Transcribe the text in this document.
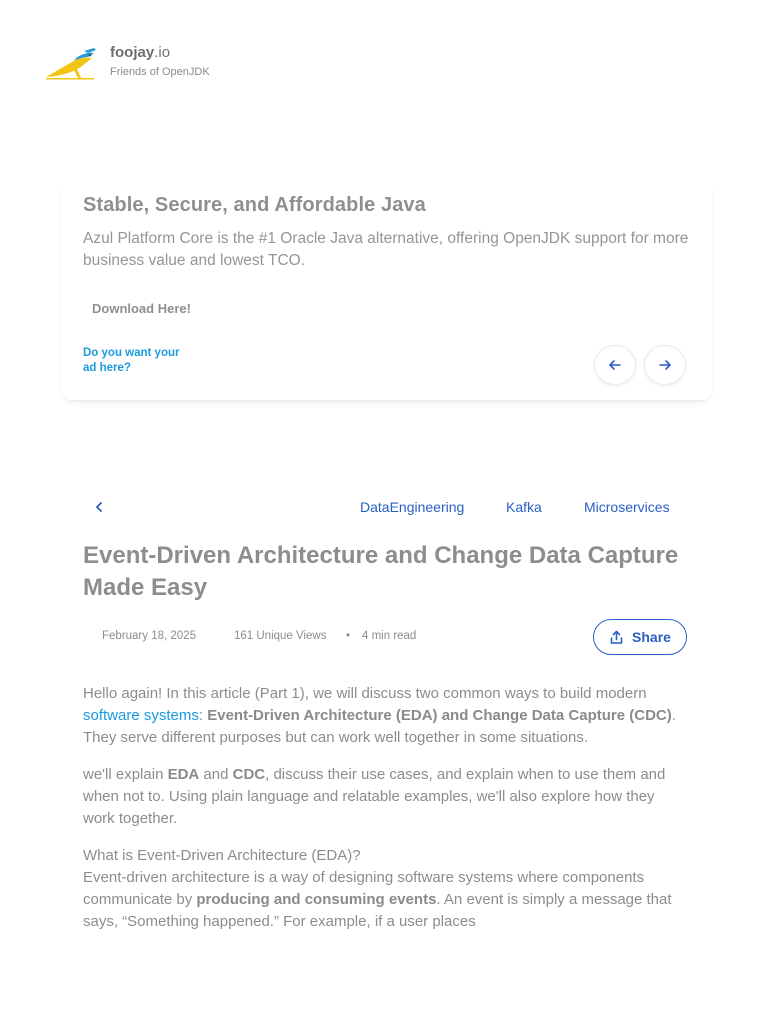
foojay.io
Friends of OpenJDK
Stable, Secure, and Affordable Java
Azul Platform Core is the #1 Oracle Java alternative, offering OpenJDK support for more business value and lowest TCO.
Download Here!
Do you want your ad here?
DataEngineering	Kafka	Microservices
Event-Driven Architecture and Change Data Capture Made Easy
February 18, 2025	161 Unique Views • 4 min read	Share

Hello again! In this article (Part 1), we will discuss two common ways to build modern software systems: Event-Driven Architecture (EDA) and Change Data Capture (CDC). They serve different purposes but can work well together in some situations.

we'll explain EDA and CDC, discuss their use cases, and explain when to use them and when not to. Using plain language and relatable examples, we'll also explore how they work together.

What is Event-Driven Architecture (EDA)?

Event-driven architecture is a way of designing software systems where components communicate by producing and consuming events. An event is simply a message that says, “Something happened.” For example, if a user places
